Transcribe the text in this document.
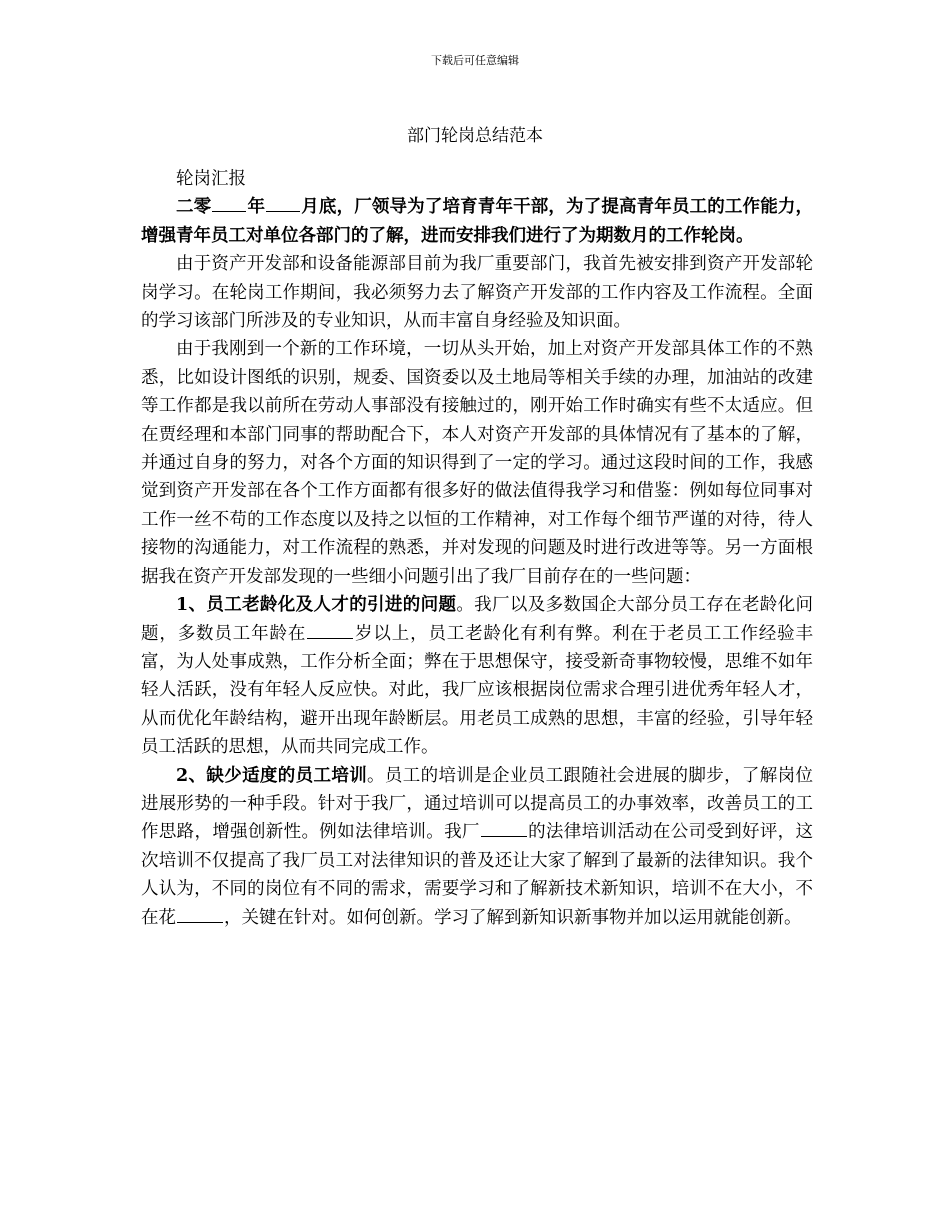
下载后可任意编辑
部门轮岗总结范本

轮岗汇报

二零 年 月底，厂领导为了培育青年干部，为了提高青年员工的工作能力，增强青年员工对单位各部门的了解，进而安排我们进行了为期数月的工作轮岗。

由于资产开发部和设备能源部目前为我厂重要部门，我首先被安排到资产开发部轮岗学习。在轮岗工作期间，我必须努力去了解资产开发部的工作内容及工作流程。全面的学习该部门所涉及的专业知识，从而丰富自身经验及知识面。

由于我刚到一个新的工作环境，一切从头开始，加上对资产开发部具体工作的不熟悉，比如设计图纸的识别，规委、国资委以及土地局等相关手续的办理，加油站的改建等工作都是我以前所在劳动人事部没有接触过的，刚开始工作时确实有些不太适应。但在贾经理和本部门同事的帮助配合下，本人对资产开发部的具体情况有了基本的了解，并通过自身的努力，对各个方面的知识得到了一定的学习。通过这段时间的工作，我感觉到资产开发部在各个工作方面都有很多好的做法值得我学习和借鉴：例如每位同事对工作一丝不苟的工作态度以及持之以恒的工作精神，对工作每个细节严谨的对待，待人接物的沟通能力，对工作流程的熟悉，并对发现的问题及时进行改进等等。另一方面根据我在资产开发部发现的一些细小问题引出了我厂目前存在的一些问题：

1、员工老龄化及人才的引进的问题。我厂以及多数国企大部分员工存在老龄化问题，多数员工年龄在	岁以上，员工老龄化有利有弊。利在于老员工工作经验丰富，为人处事成熟，工作分析全面；弊在于思想保守，接受新奇事物较慢，思维不如年轻人活跃，没有年轻人反应快。对此，我厂应该根据岗位需求合理引进优秀年轻人才，从而优化年龄结构，避开出现年龄断层。用老员工成熟的思想，丰富的经验，引导年轻员工活跃的思想，从而共同完成工作。

2、缺少适度的员工培训。员工的培训是企业员工跟随社会进展的脚步，了解岗位进展形势的一种手段。针对于我厂，通过培训可以提高员工的办事效率，改善员工的工作思路，增强创新性。例如法律培训。我厂	的法律培训活动在公司受到好评，这次培训不仅提高了我厂员工对法律知识的普及还让大家了解到了最新的法律知识。我个人认为，不同的岗位有不同的需求，需要学习和了解新技术新知识，培训不在大小，不在花	，关键在针对。如何创新。学习了解到新知识新事物并加以运用就能创新。
